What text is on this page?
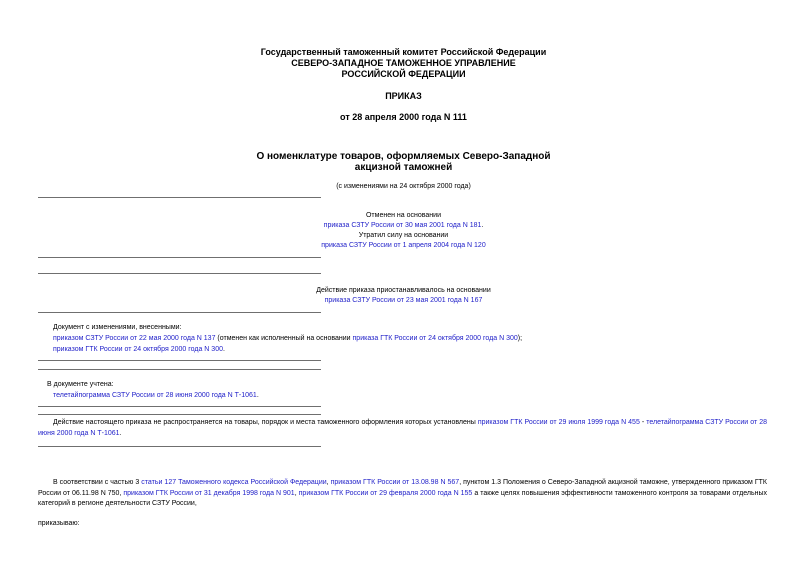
Государственный таможенный комитет Российской Федерации
СЕВЕРО-ЗАПАДНОЕ ТАМОЖЕННОЕ УПРАВЛЕНИЕ
РОССИЙСКОЙ ФЕДЕРАЦИИ
ПРИКАЗ
от 28 апреля 2000 года N 111
О номенклатуре товаров, оформляемых Северо-Западной
акцизной таможней
(с изменениями на 24 октября 2000 года)
Отменен на основании
приказа СЗТУ России от 30 мая 2001 года N 181.
Утратил силу на основании
приказа СЗТУ России от 1 апреля 2004 года N 120
Действие приказа приостанавливалось на основании
приказа СЗТУ России от 23 мая 2001 года N 167
Документ с изменениями, внесенными:
приказом СЗТУ России от 22 мая 2000 года N 137 (отменен как исполненный на основании приказа ГТК России от 24 октября 2000 года N 300);
приказом ГТК России от 24 октября 2000 года N 300.
В документе учтена:
телетайпограмма СЗТУ России от 28 июня 2000 года N Т-1061.
Действие настоящего приказа не распространяется на товары, порядок и места таможенного оформления которых установлены приказом ГТК России от 29 июля 1999 года N 455 - телетайпограмма СЗТУ России от 28 июня 2000 года N Т-1061.
В соответствии с частью 3 статьи 127 Таможенного кодекса Российской Федерации, приказом ГТК России от 13.08.98 N 567, пунктом 1.3 Положения о Северо-Западной акцизной таможне, утвержденного приказом ГТК России от 06.11.98 N 750, приказом ГТК России от 31 декабря 1998 года N 901, приказом ГТК России от 29 февраля 2000 года N 155 а также целях повышения эффективности таможенного контроля за товарами отдельных категорий в регионе деятельности СЗТУ России,
приказываю:
